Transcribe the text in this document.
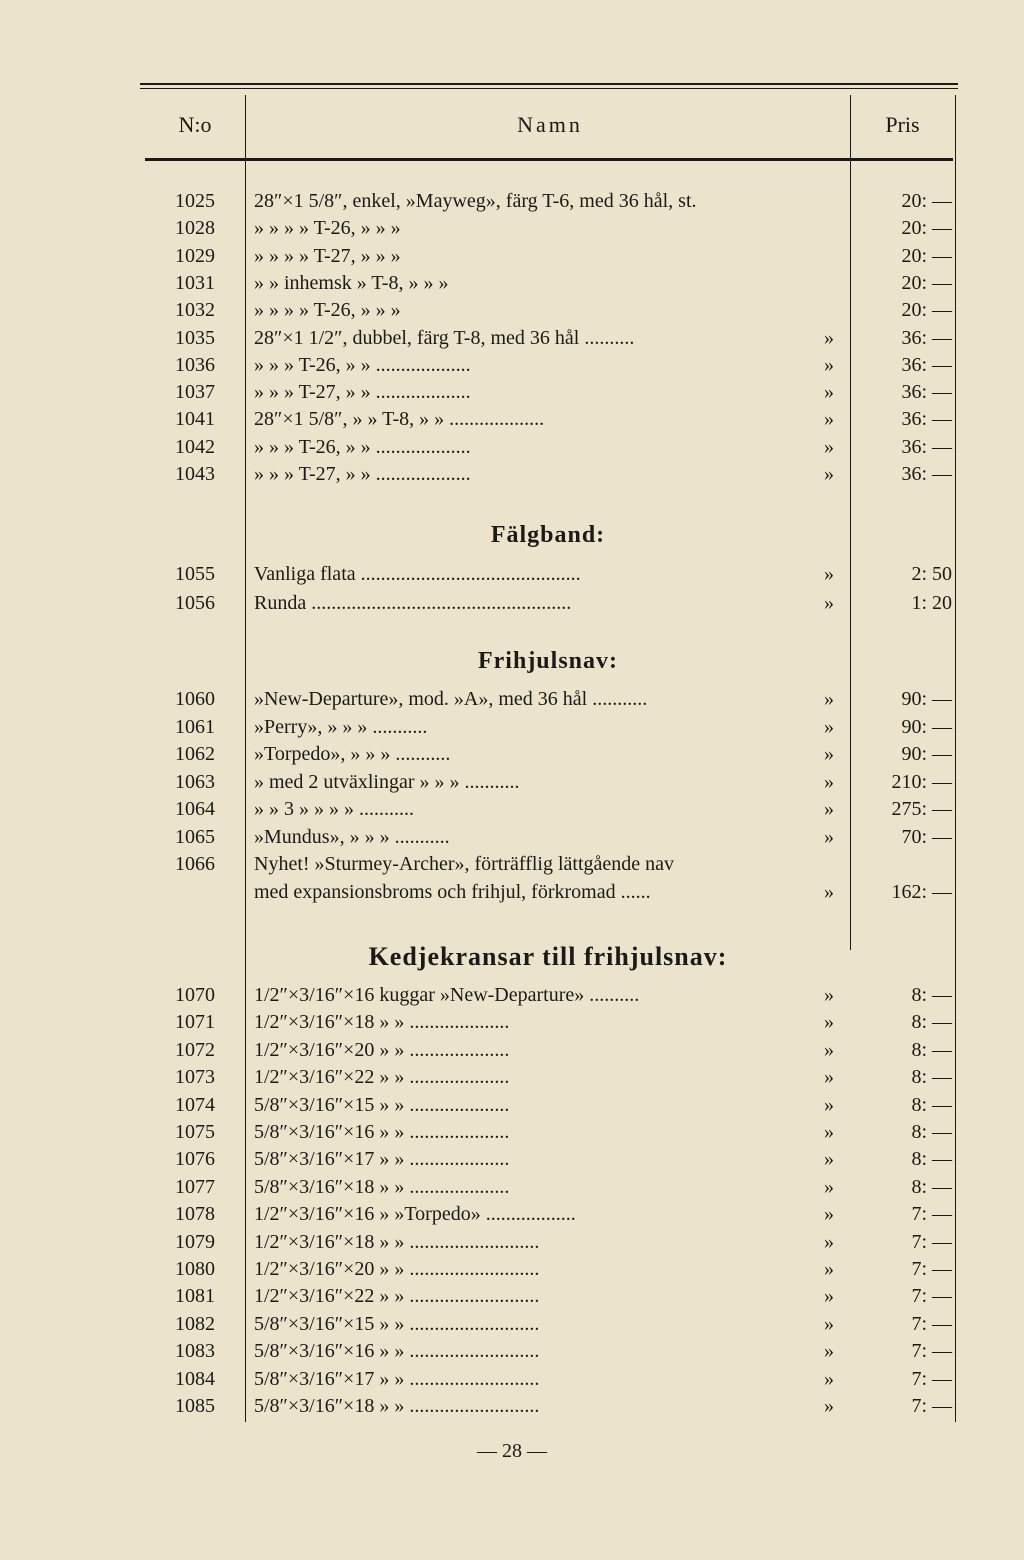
N:o	Namn	Pris
1025	28″×1 5/8″, enkel, »Mayweg», färg T-6, med 36 hål, st.	20: —
1028	» » » » T-26, » » »	20: —
1029	» » » » T-27, » » »	20: —
1031	» » inhemsk » T-8, » » »	20: —
1032	» » » » T-26, » » »	20: —
1035	28″×1 1/2″, dubbel, färg T-8, med 36 hål ..........	»	36: —
1036	» » » T-26, » » ...................	»	36: —
1037	» » » T-27, » » ...................	»	36: —
1041	28″×1 5/8″, » » T-8, » » ...................	»	36: —
1042	» » » T-26, » » ...................	»	36: —
1043	» » » T-27, » » ...................	»	36: —
Fälgband:
1055	Vanliga flata ............................................	»	2: 50
1056	Runda ....................................................	»	1: 20
Frihjulsnav:
1060	»New-Departure», mod. »A», med 36 hål ...........	»	90: —
1061	»Perry», » » » ...........	»	90: —
1062	»Torpedo», » » » ...........	»	90: —
1063	» med 2 utväxlingar » » » ...........	»	210: —
1064	» » 3 » » » » ...........	»	275: —
1065	»Mundus», » » » ...........	»	70: —
1066	Nyhet! »Sturmey-Archer», förträfflig lättgående nav
med expansionsbroms och frihjul, förkromad ......	»	162: —
Kedjekransar till frihjulsnav:
1070	1/2″×3/16″×16 kuggar »New-Departure» ..........	»	8: —
1071	1/2″×3/16″×18 » » ....................	»	8: —
1072	1/2″×3/16″×20 » » ....................	»	8: —
1073	1/2″×3/16″×22 » » ....................	»	8: —
1074	5/8″×3/16″×15 » » ....................	»	8: —
1075	5/8″×3/16″×16 » » ....................	»	8: —
1076	5/8″×3/16″×17 » » ....................	»	8: —
1077	5/8″×3/16″×18 » » ....................	»	8: —
1078	1/2″×3/16″×16 » »Torpedo» ..................	»	7: —
1079	1/2″×3/16″×18 » » ..........................	»	7: —
1080	1/2″×3/16″×20 » » ..........................	»	7: —
1081	1/2″×3/16″×22 » » ..........................	»	7: —
1082	5/8″×3/16″×15 » » ..........................	»	7: —
1083	5/8″×3/16″×16 » » ..........................	»	7: —
1084	5/8″×3/16″×17 » » ..........................	»	7: —
1085	5/8″×3/16″×18 » » ..........................	»	7: —
— 28 —
